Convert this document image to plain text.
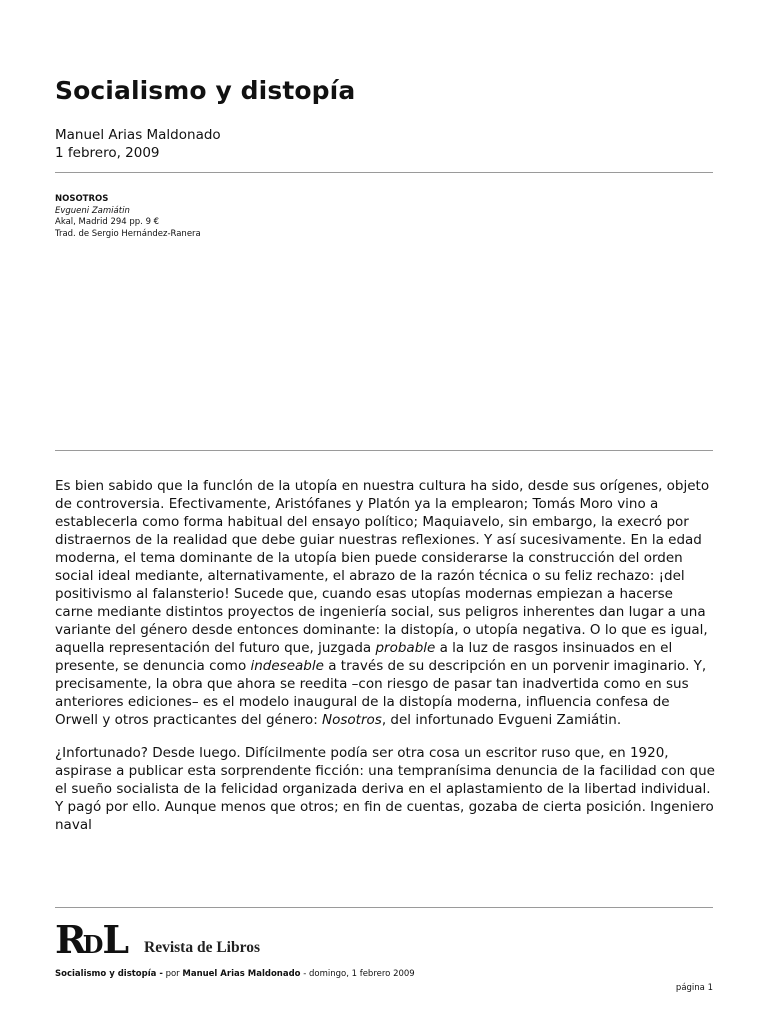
Socialismo y distopía
Manuel Arias Maldonado
1 febrero, 2009
NOSOTROS
Evgueni Zamiátin
Akal, Madrid 294 pp. 9 €
Trad. de Sergio Hernández-Ranera

Es bien sabido que la funclón de la utopía en nuestra cultura ha sido, desde sus orígenes, objeto de controversia. Efectivamente, Aristófanes y Platón ya la emplearon; Tomás Moro vino a establecerla como forma habitual del ensayo político; Maquiavelo, sin embargo, la execró por distraernos de la realidad que debe guiar nuestras reflexiones. Y así sucesivamente. En la edad moderna, el tema dominante de la utopía bien puede considerarse la construcción del orden social ideal mediante, alternativamente, el abrazo de la razón técnica o su feliz rechazo: ¡del positivismo al falansterio! Sucede que, cuando esas utopías modernas empiezan a hacerse carne mediante distintos proyectos de ingeniería social, sus peligros inherentes dan lugar a una variante del género desde entonces dominante: la distopía, o utopía negativa. O lo que es igual, aquella representación del futuro que, juzgada probable a la luz de rasgos insinuados en el presente, se denuncia como indeseable a través de su descripción en un porvenir imaginario. Y, precisamente, la obra que ahora se reedita –con riesgo de pasar tan inadvertida como en sus anteriores ediciones– es el modelo inaugural de la distopía moderna, influencia confesa de Orwell y otros practicantes del género: Nosotros, del infortunado Evgueni Zamiátin.

¿Infortunado? Desde luego. Difícilmente podía ser otra cosa un escritor ruso que, en 1920, aspirase a publicar esta sorprendente ficción: una tempranísima denuncia de la facilidad con que el sueño socialista de la felicidad organizada deriva en el aplastamiento de la libertad individual. Y pagó por ello. Aunque menos que otros; en fin de cuentas, gozaba de cierta posición. Ingeniero naval

RDL Revista de Libros
Socialismo y distopía - por Manuel Arias Maldonado - domingo, 1 febrero 2009
página 1
